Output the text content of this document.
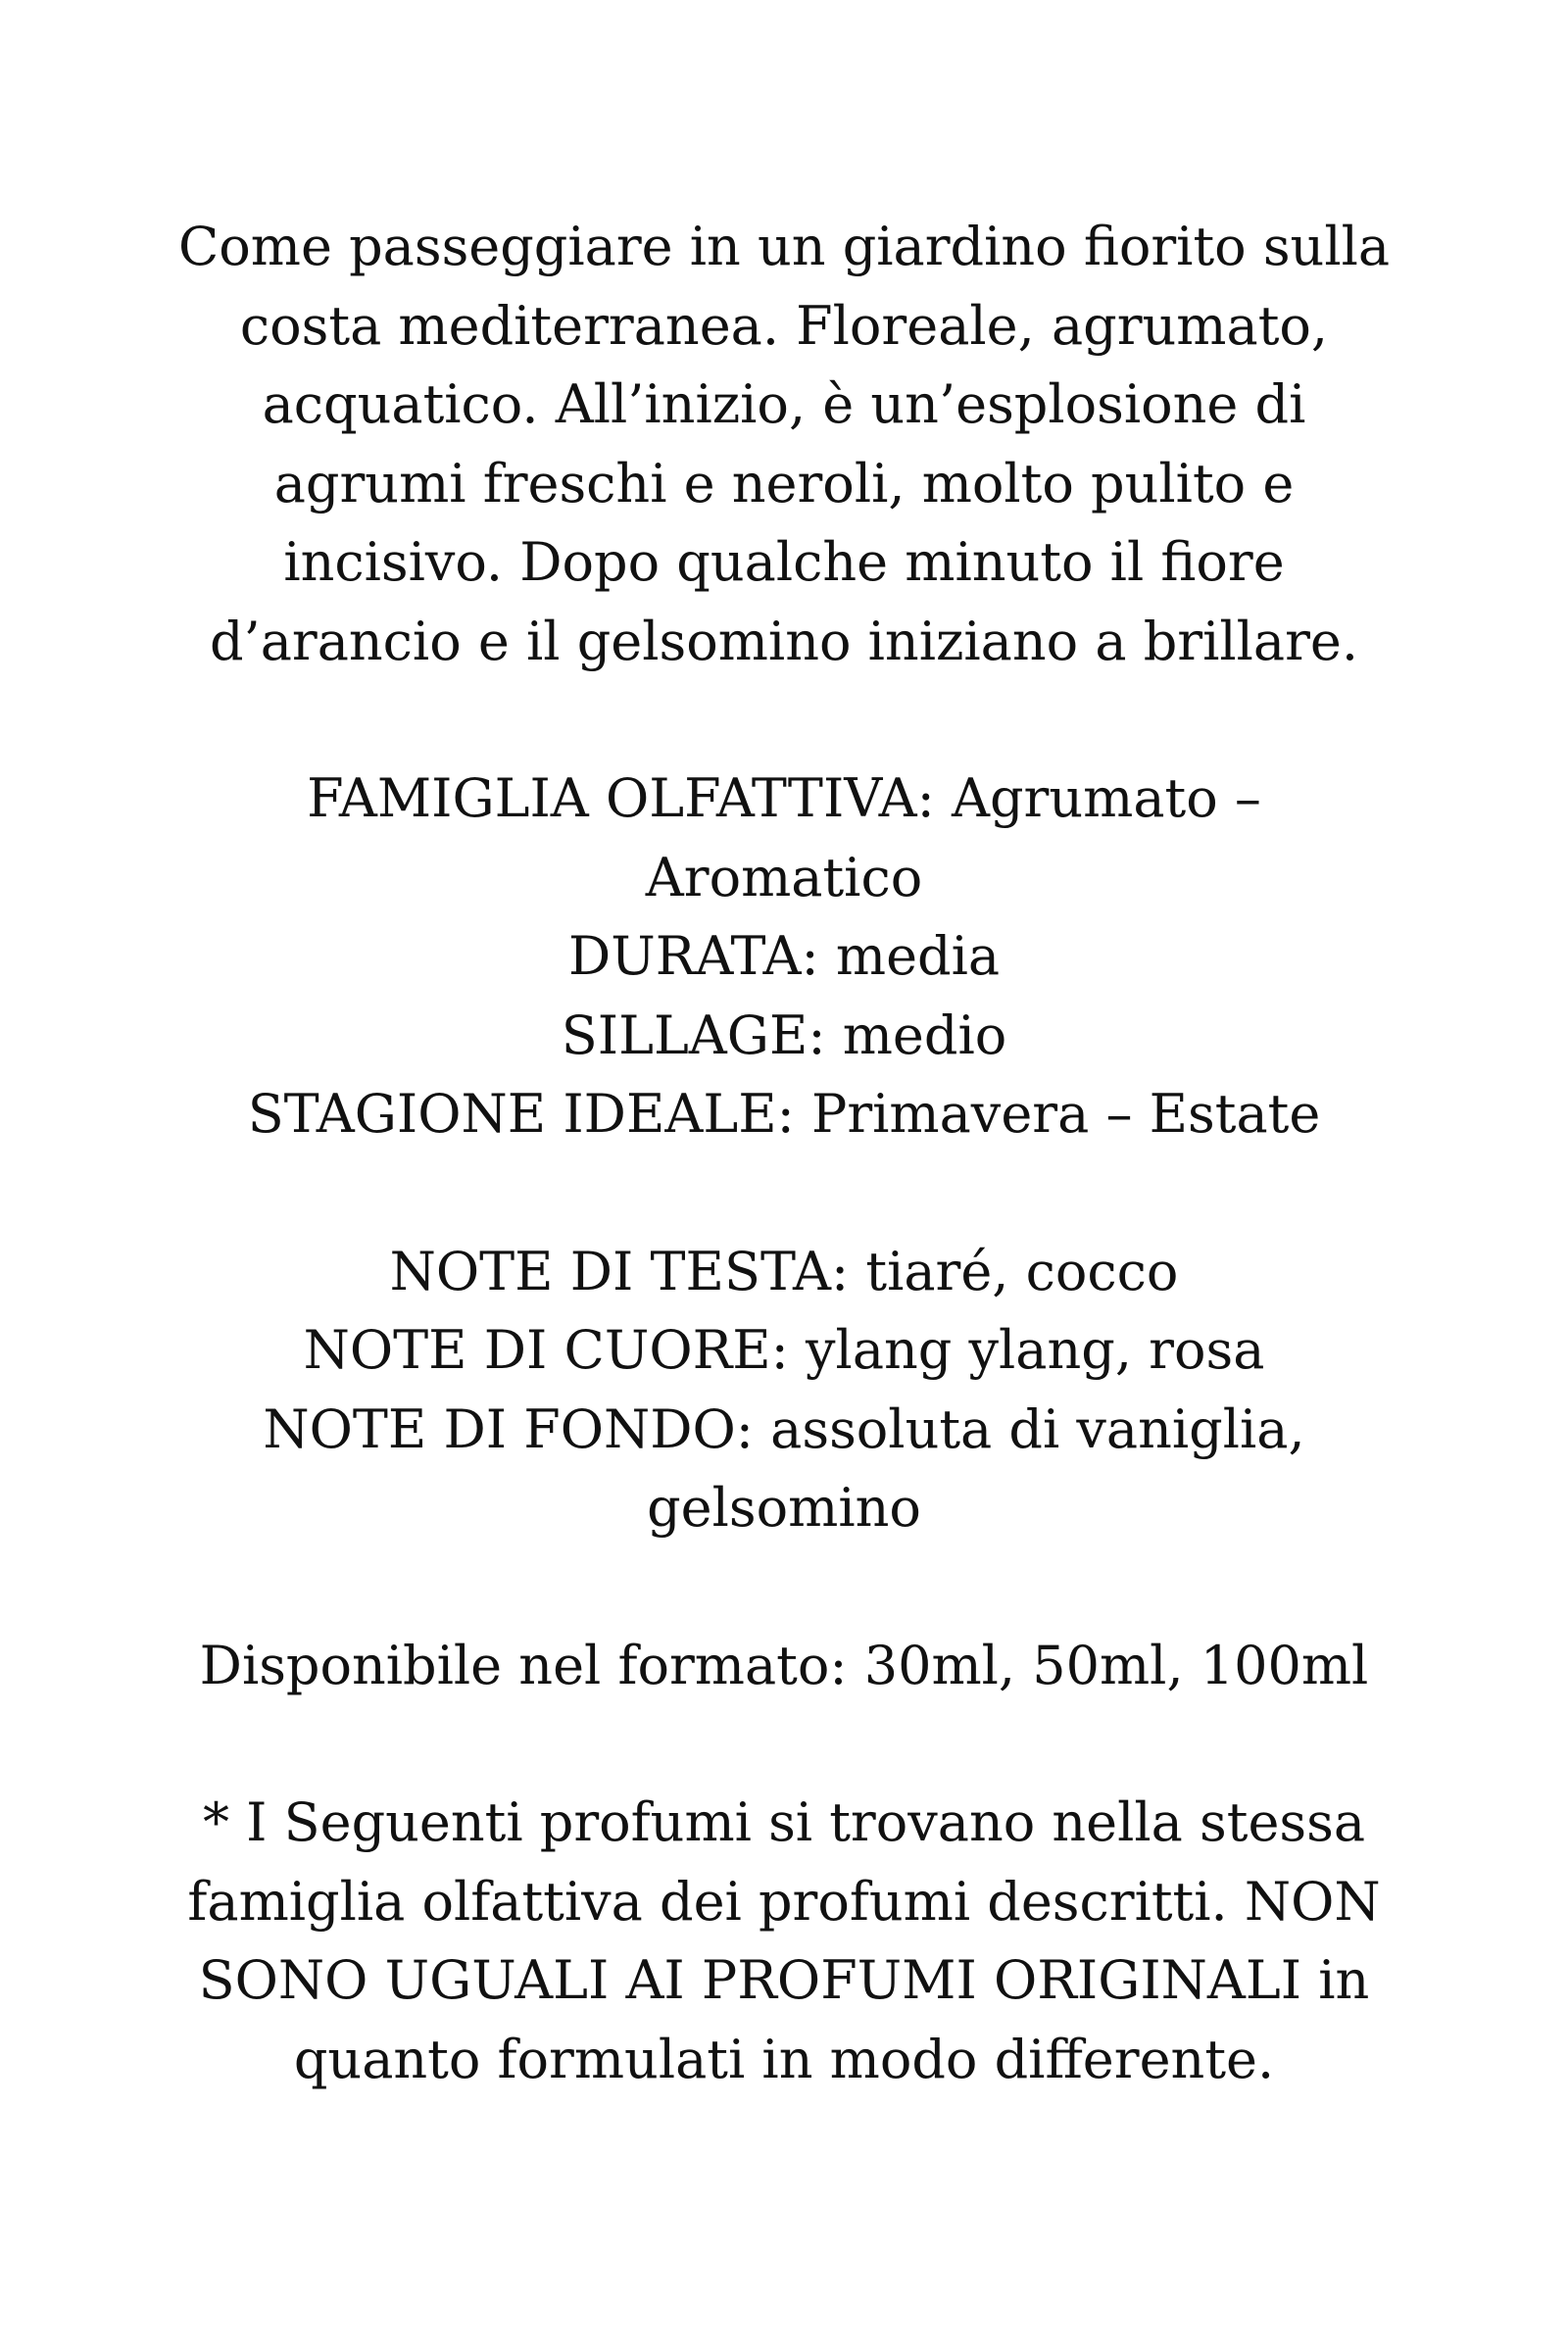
Come passeggiare in un giardino fiorito sulla
costa mediterranea. Floreale, agrumato,
acquatico. All’inizio, è un’esplosione di
agrumi freschi e neroli, molto pulito e
incisivo. Dopo qualche minuto il fiore
d’arancio e il gelsomino iniziano a brillare.
FAMIGLIA OLFATTIVA: Agrumato –
Aromatico
DURATA: media
SILLAGE: medio
STAGIONE IDEALE: Primavera – Estate
NOTE DI TESTA: tiaré, cocco
NOTE DI CUORE: ylang ylang, rosa
NOTE DI FONDO: assoluta di vaniglia,
gelsomino
Disponibile nel formato: 30ml, 50ml, 100ml
* I Seguenti profumi si trovano nella stessa
famiglia olfattiva dei profumi descritti. NON
SONO UGUALI AI PROFUMI ORIGINALI in
quanto formulati in modo differente.
